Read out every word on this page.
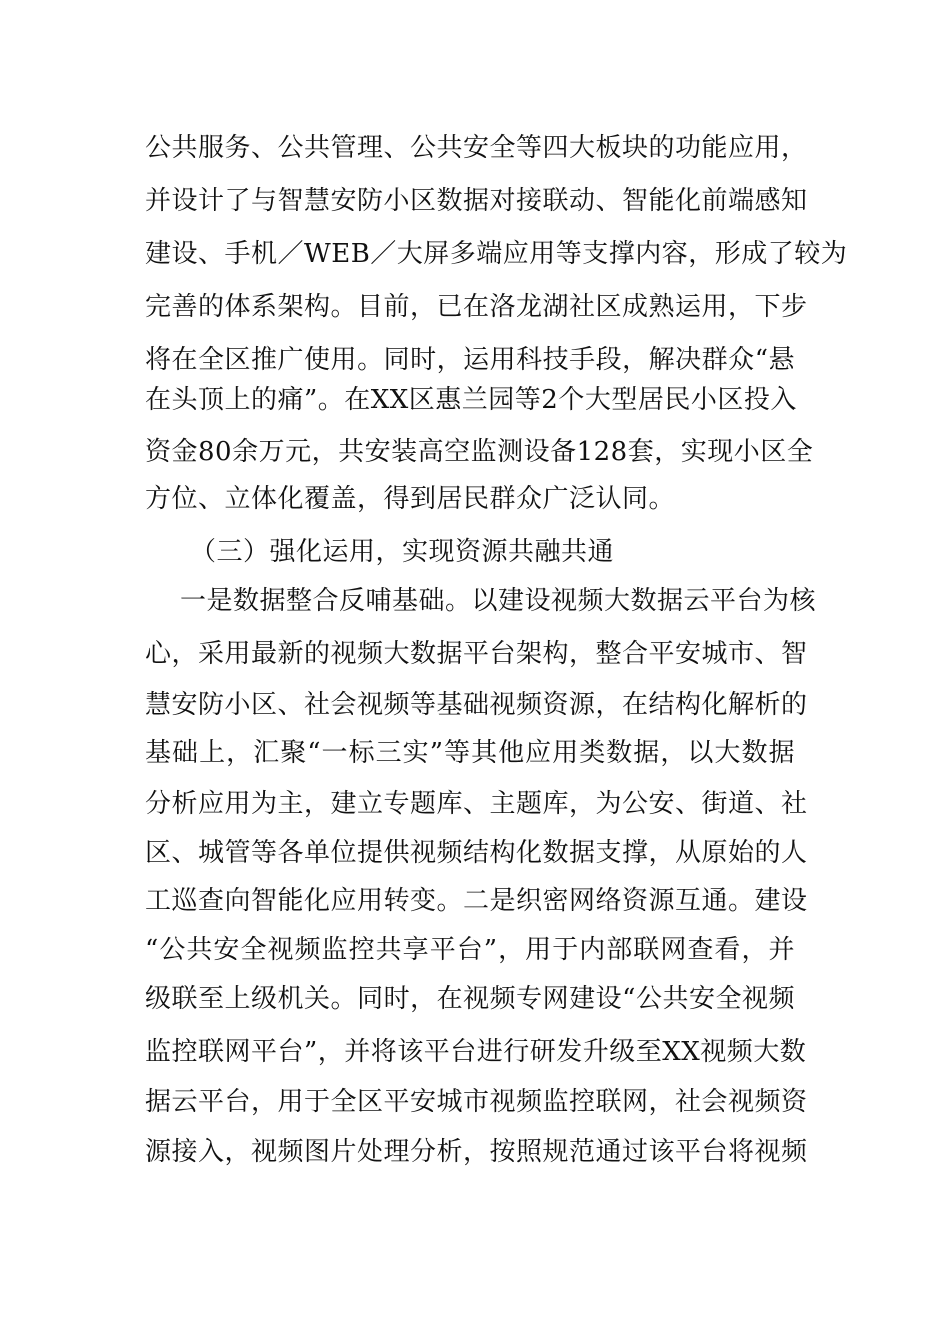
公共服务、公共管理、公共安全等四大板块的功能应用，
并设计了与智慧安防小区数据对接联动、智能化前端感知
建设、手机／WEB／大屏多端应用等支撑内容，形成了较为
完善的体系架构。目前，已在洛龙湖社区成熟运用，下步
将在全区推广使用。同时，运用科技手段，解决群众“悬
在头顶上的痛”。在XX区惠兰园等2个大型居民小区投入
资金80余万元，共安装高空监测设备128套，实现小区全
方位、立体化覆盖，得到居民群众广泛认同。
（三）强化运用，实现资源共融共通
一是数据整合反哺基础。以建设视频大数据云平台为核
心，采用最新的视频大数据平台架构，整合平安城市、智
慧安防小区、社会视频等基础视频资源，在结构化解析的
基础上，汇聚“一标三实”等其他应用类数据，以大数据
分析应用为主，建立专题库、主题库，为公安、街道、社
区、城管等各单位提供视频结构化数据支撑，从原始的人
工巡查向智能化应用转变。二是织密网络资源互通。建设
“公共安全视频监控共享平台”，用于内部联网查看，并
级联至上级机关。同时，在视频专网建设“公共安全视频
监控联网平台”，并将该平台进行研发升级至XX视频大数
据云平台，用于全区平安城市视频监控联网，社会视频资
源接入，视频图片处理分析，按照规范通过该平台将视频
